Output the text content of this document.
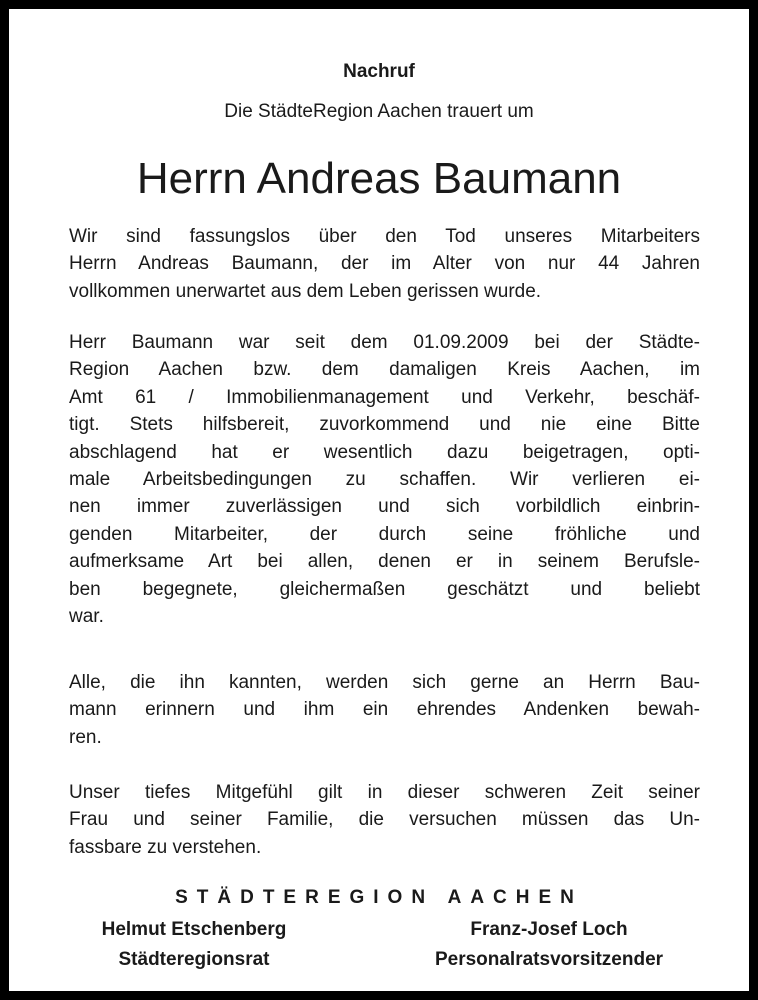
Nachruf
Die StädteRegion Aachen trauert um
Herrn Andreas Baumann
Wir sind fassungslos über den Tod unseres Mitarbeiters
Herrn Andreas Baumann, der im Alter von nur 44 Jahren
vollkommen unerwartet aus dem Leben gerissen wurde.
Herr Baumann war seit dem 01.09.2009 bei der Städte-
Region Aachen bzw. dem damaligen Kreis Aachen, im
Amt 61 / Immobilienmanagement und Verkehr, beschäf-
tigt. Stets hilfsbereit, zuvorkommend und nie eine Bitte
abschlagend hat er wesentlich dazu beigetragen, opti-
male Arbeitsbedingungen zu schaffen. Wir verlieren ei-
nen immer zuverlässigen und sich vorbildlich einbrin-
genden Mitarbeiter, der durch seine fröhliche und
aufmerksame Art bei allen, denen er in seinem Berufsle-
ben begegnete, gleichermaßen geschätzt und beliebt
war.
Alle, die ihn kannten, werden sich gerne an Herrn Bau-
mann erinnern und ihm ein ehrendes Andenken bewah-
ren.
Unser tiefes Mitgefühl gilt in dieser schweren Zeit seiner
Frau und seiner Familie, die versuchen müssen das Un-
fassbare zu verstehen.
STÄDTEREGION AACHEN
Helmut Etschenberg
Städteregionsrat
Franz-Josef Loch
Personalratsvorsitzender
